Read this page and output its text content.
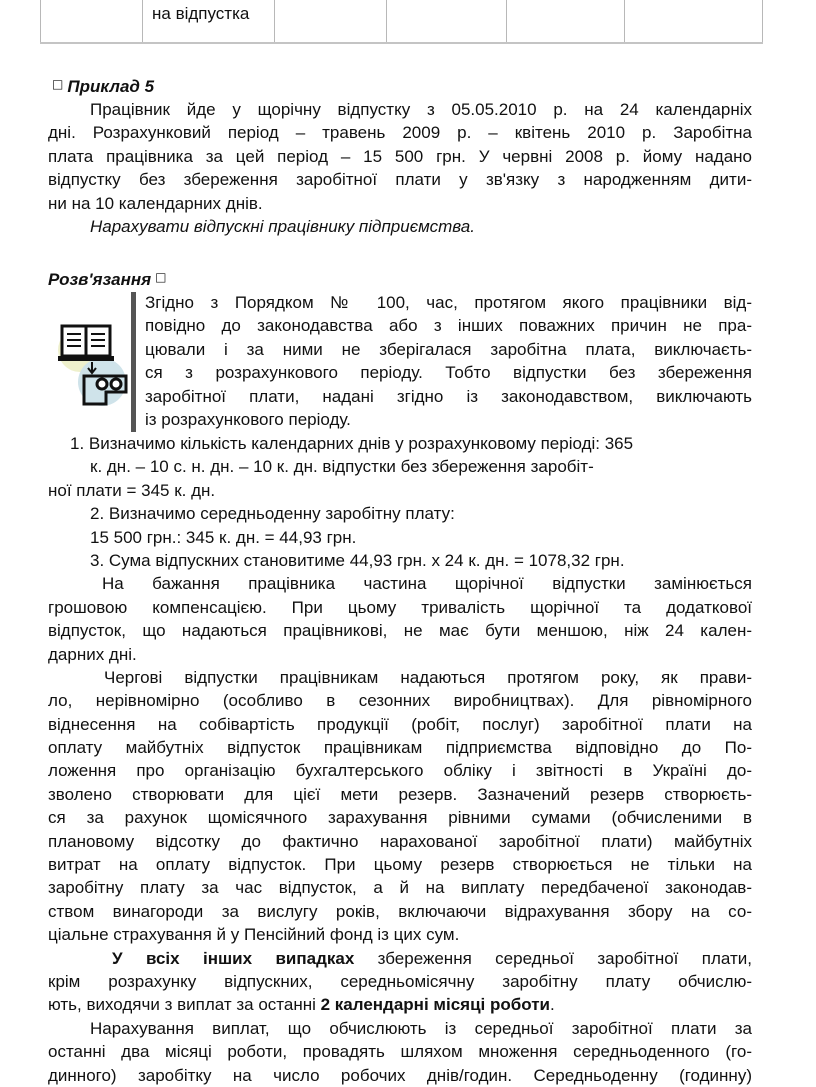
на відпустка
□ Приклад 5
Працівник йде у щорічну відпустку з 05.05.2010 р. на 24 календарніх
дні. Розрахунковий період – травень 2009 р. – квітень 2010 р. Заробітна
плата працівника за цей період – 15 500 грн. У червні 2008 р. йому надано
відпустку без збереження заробітної плати у зв'язку з народженням дити-
ни на 10 календарних днів.
Нарахувати відпускні працівнику підприємства.
Розв'язання □
Згідно з Порядком № 100, час, протягом якого працівники від-
повідно до законодавства або з інших поважних причин не пра-
цювали і за ними не зберігалася заробітна плата, виключаєть-
ся з розрахункового періоду. Тобто відпустки без збереження
заробітної плати, надані згідно із законодавством, виключають
із розрахункового періоду.
1. Визначимо кількість календарних днів у розрахунковому періоді: 365
к. дн. – 10 с. н. дн. – 10 к. дн. відпустки без збереження заробіт-
ної плати = 345 к. дн.
2. Визначимо середньоденну заробітну плату:
15 500 грн.: 345 к. дн. = 44,93 грн.
3. Сума відпускних становитиме 44,93 грн. х 24 к. дн. = 1078,32 грн.
На бажання працівника частина щорічної відпустки замінюється
грошовою компенсацією. При цьому тривалість щорічної та додаткової
відпусток, що надаються працівникові, не має бути меншою, ніж 24 кален-
дарних дні.
Чергові відпустки працівникам надаються протягом року, як прави-
ло, нерівномірно (особливо в сезонних виробництвах). Для рівномірного
віднесення на собівартість продукції (робіт, послуг) заробітної плати на
оплату майбутніх відпусток працівникам підприємства відповідно до По-
ложення про організацію бухгалтерського обліку і звітності в Україні до-
зволено створювати для цієї мети резерв. Зазначений резерв створюєть-
ся за рахунок щомісячного зарахування рівними сумами (обчисленими в
плановому відсотку до фактично нарахованої заробітної плати) майбутніх
витрат на оплату відпусток. При цьому резерв створюється не тільки на
заробітну плату за час відпусток, а й на виплату передбаченої законодав-
ством винагороди за вислугу років, включаючи відрахування збору на со-
ціальне страхування й у Пенсійний фонд із цих сум.
У всіх інших випадках збереження середньої заробітної плати,
крім розрахунку відпускних, середньомісячну заробітну плату обчислю-
ють, виходячи з виплат за останні 2 календарні місяці роботи.
Нарахування виплат, що обчислюють із середньої заробітної плати за
останні два місяці роботи, провадять шляхом множення середньоденного (го-
динного) заробітку на число робочих днів/годин. Середньоденну (годинну)
